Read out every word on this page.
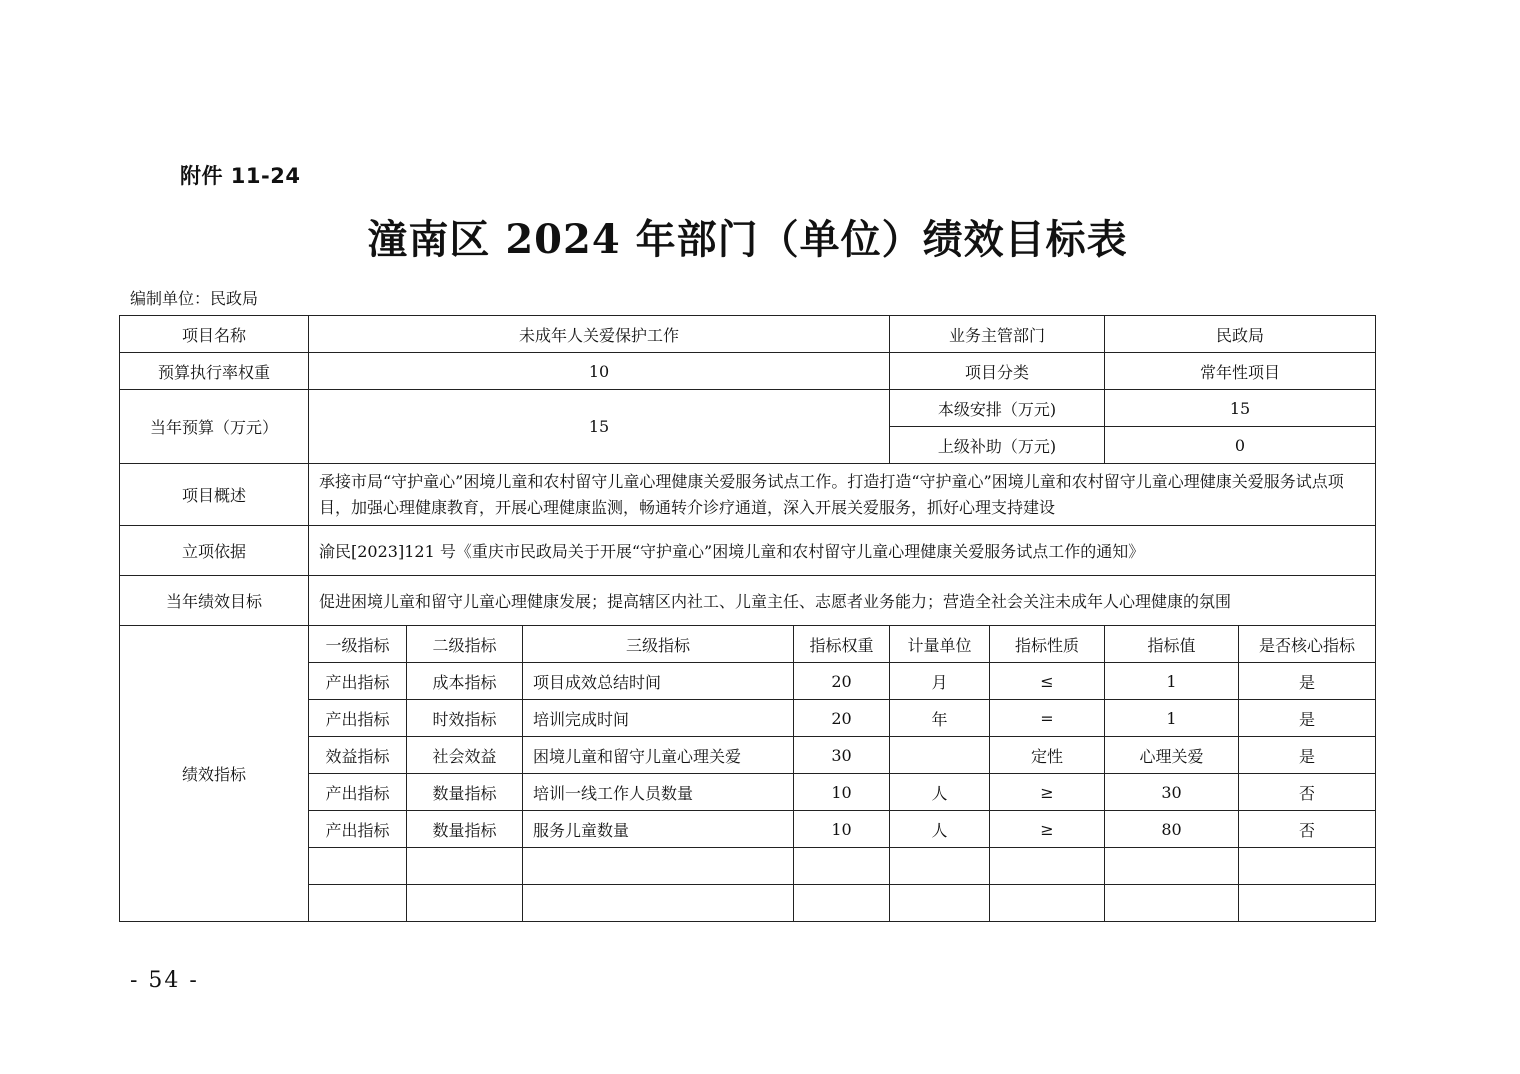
附件 11-24
潼南区 2024 年部门（单位）绩效目标表
编制单位：民政局
项目名称	未成年人关爱保护工作				业务主管部门		民政局	
预算执行率权重	10				项目分类		常年性项目	
当年预算（万元）	15				本级安排（万元)		15	
					上级补助（万元)		0	
项目概述	承接市局“守护童心”困境儿童和农村留守儿童心理健康关爱服务试点工作。打造打造“守护童心”困境儿童和农村留守儿童心理健康关爱服务试点项目，加强心理健康教育，开展心理健康监测，畅通转介诊疗通道，深入开展关爱服务，抓好心理支持建设							
立项依据	渝民[2023]121 号《重庆市民政局关于开展“守护童心”困境儿童和农村留守儿童心理健康关爱服务试点工作的通知》							
当年绩效目标	促进困境儿童和留守儿童心理健康发展；提高辖区内社工、儿童主任、志愿者业务能力；营造全社会关注未成年人心理健康的氛围							
绩效指标	一级指标	二级指标	三级指标	指标权重	计量单位	指标性质	指标值	是否核心指标
	产出指标	成本指标	项目成效总结时间	20	月	≤	1	是
	产出指标	时效指标	培训完成时间	20	年	=	1	是
	效益指标	社会效益	困境儿童和留守儿童心理关爱	30		定性	心理关爱	是
	产出指标	数量指标	培训一线工作人员数量	10	人	≥	30	否
	产出指标	数量指标	服务儿童数量	10	人	≥	80	否

- 54 -
